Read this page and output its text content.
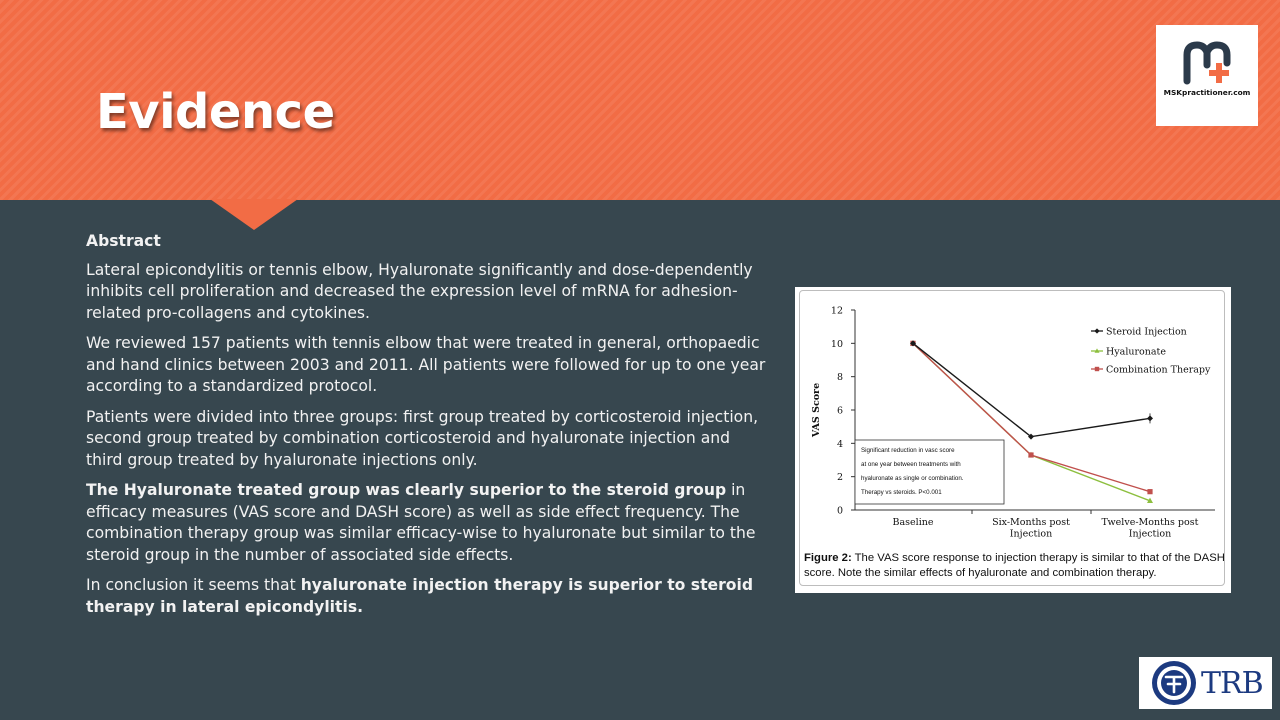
Evidence	MSKpractitioner.com

Abstract

Lateral epicondylitis or tennis elbow, Hyaluronate significantly and dose-dependently inhibits cell proliferation and decreased the expression level of mRNA for adhesion-related pro-collagens and cytokines.

We reviewed 157 patients with tennis elbow that were treated in general, orthopaedic and hand clinics between 2003 and 2011. All patients were followed for up to one year according to a standardized protocol.

Patients were divided into three groups: first group treated by corticosteroid injection, second group treated by combination corticosteroid and hyaluronate injection and third group treated by hyaluronate injections only.

The Hyaluronate treated group was clearly superior to the steroid group in efficacy measures (VAS score and DASH score) as well as side effect frequency. The combination therapy group was similar efficacy-wise to hyaluronate but similar to the steroid group in the number of associated side effects.

In conclusion it seems that hyaluronate injection therapy is superior to steroid therapy in lateral epicondylitis.

0
2
4
6
8
10
12
Baseline	Six-Months post
Injection
Twelve-Months post
Injection
VAS Score
Significant reduction in vasc score
at one year between treatments with
hyaluronate as single or combination.
Therapy vs steroids. P<0.001
Steroid Injection
Hyaluronate
Combination Therapy
Figure 2: The VAS score response to injection therapy is similar to that of the DASH score. Note the similar effects of hyaluronate and combination therapy.
TRB
